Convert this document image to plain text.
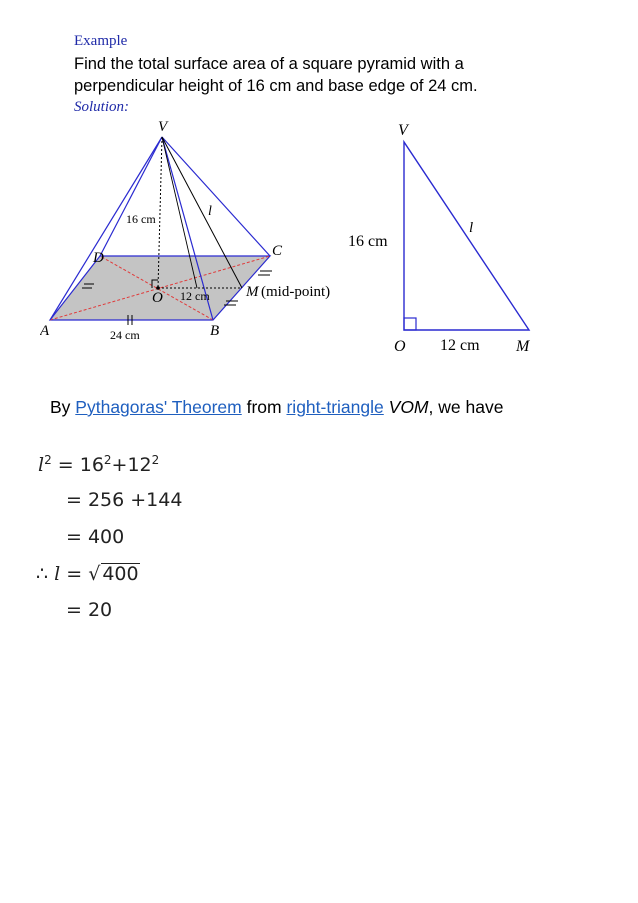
Example
Find the total surface area of a square pyramid with a perpendicular height of 16 cm and base edge of 24 cm.
Solution:
V
A	B
C
D
O	M (mid-point)
16 cm	l
12 cm
24 cm
V
O	M
16 cm
12 cm
l
By Pythagoras' Theorem from right-triangle VOM, we have
$l^2 = 16^2+12^2$
= 256 +144
= 400
∴ l = √ 400
= 20
